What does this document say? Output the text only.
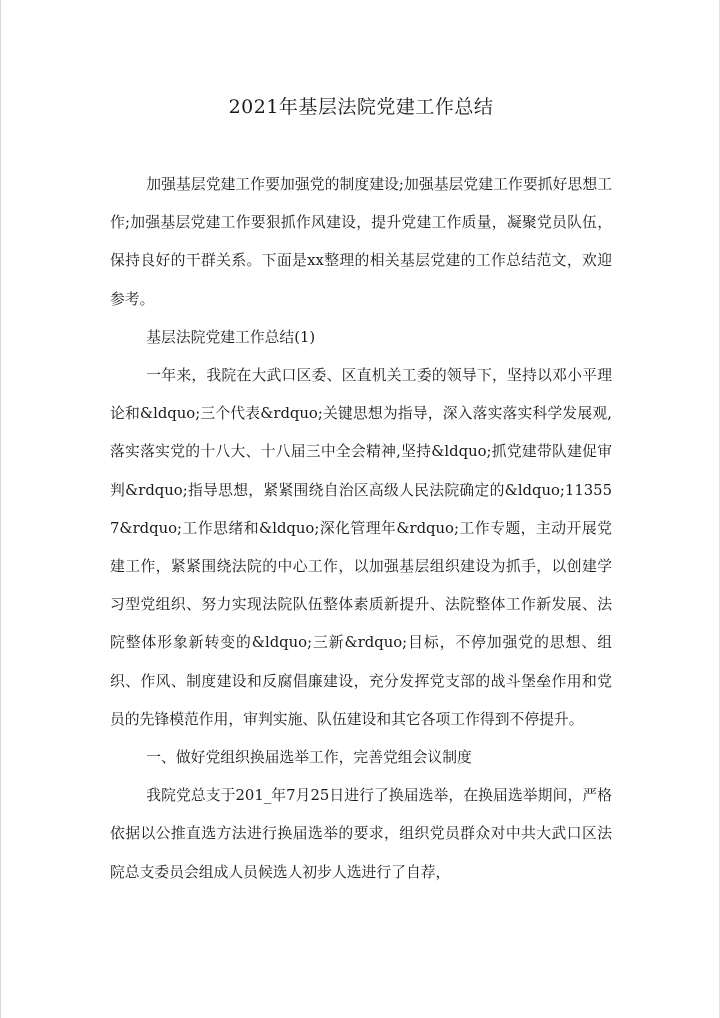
2021年基层法院党建工作总结

加强基层党建工作要加强党的制度建设;加强基层党建工作要抓好思想工作;加强基层党建工作要狠抓作风建设，提升党建工作质量，凝聚党员队伍，保持良好的干群关系。下面是xx整理的相关基层党建的工作总结范文，欢迎参考。

基层法院党建工作总结(1)

一年来，我院在大武口区委、区直机关工委的领导下，坚持以邓小平理论和&ldquo;三个代表&rdquo;关键思想为指导，深入落实落实科学发展观,落实落实党的十八大、十八届三中全会精神,坚持&ldquo;抓党建带队建促审判&rdquo;指导思想，紧紧围绕自治区高级人民法院确定的&ldquo;113557&rdquo;工作思绪和&ldquo;深化管理年&rdquo;工作专题，主动开展党建工作，紧紧围绕法院的中心工作，以加强基层组织建设为抓手，以创建学习型党组织、努力实现法院队伍整体素质新提升、法院整体工作新发展、法院整体形象新转变的&ldquo;三新&rdquo;目标，不停加强党的思想、组织、作风、制度建设和反腐倡廉建设，充分发挥党支部的战斗堡垒作用和党员的先锋模范作用，审判实施、队伍建设和其它各项工作得到不停提升。

一、做好党组织换届选举工作，完善党组会议制度

我院党总支于201_年7月25日进行了换届选举，在换届选举期间，严格依据以公推直选方法进行换届选举的要求，组织党员群众对中共大武口区法院总支委员会组成人员候选人初步人选进行了自荐，
